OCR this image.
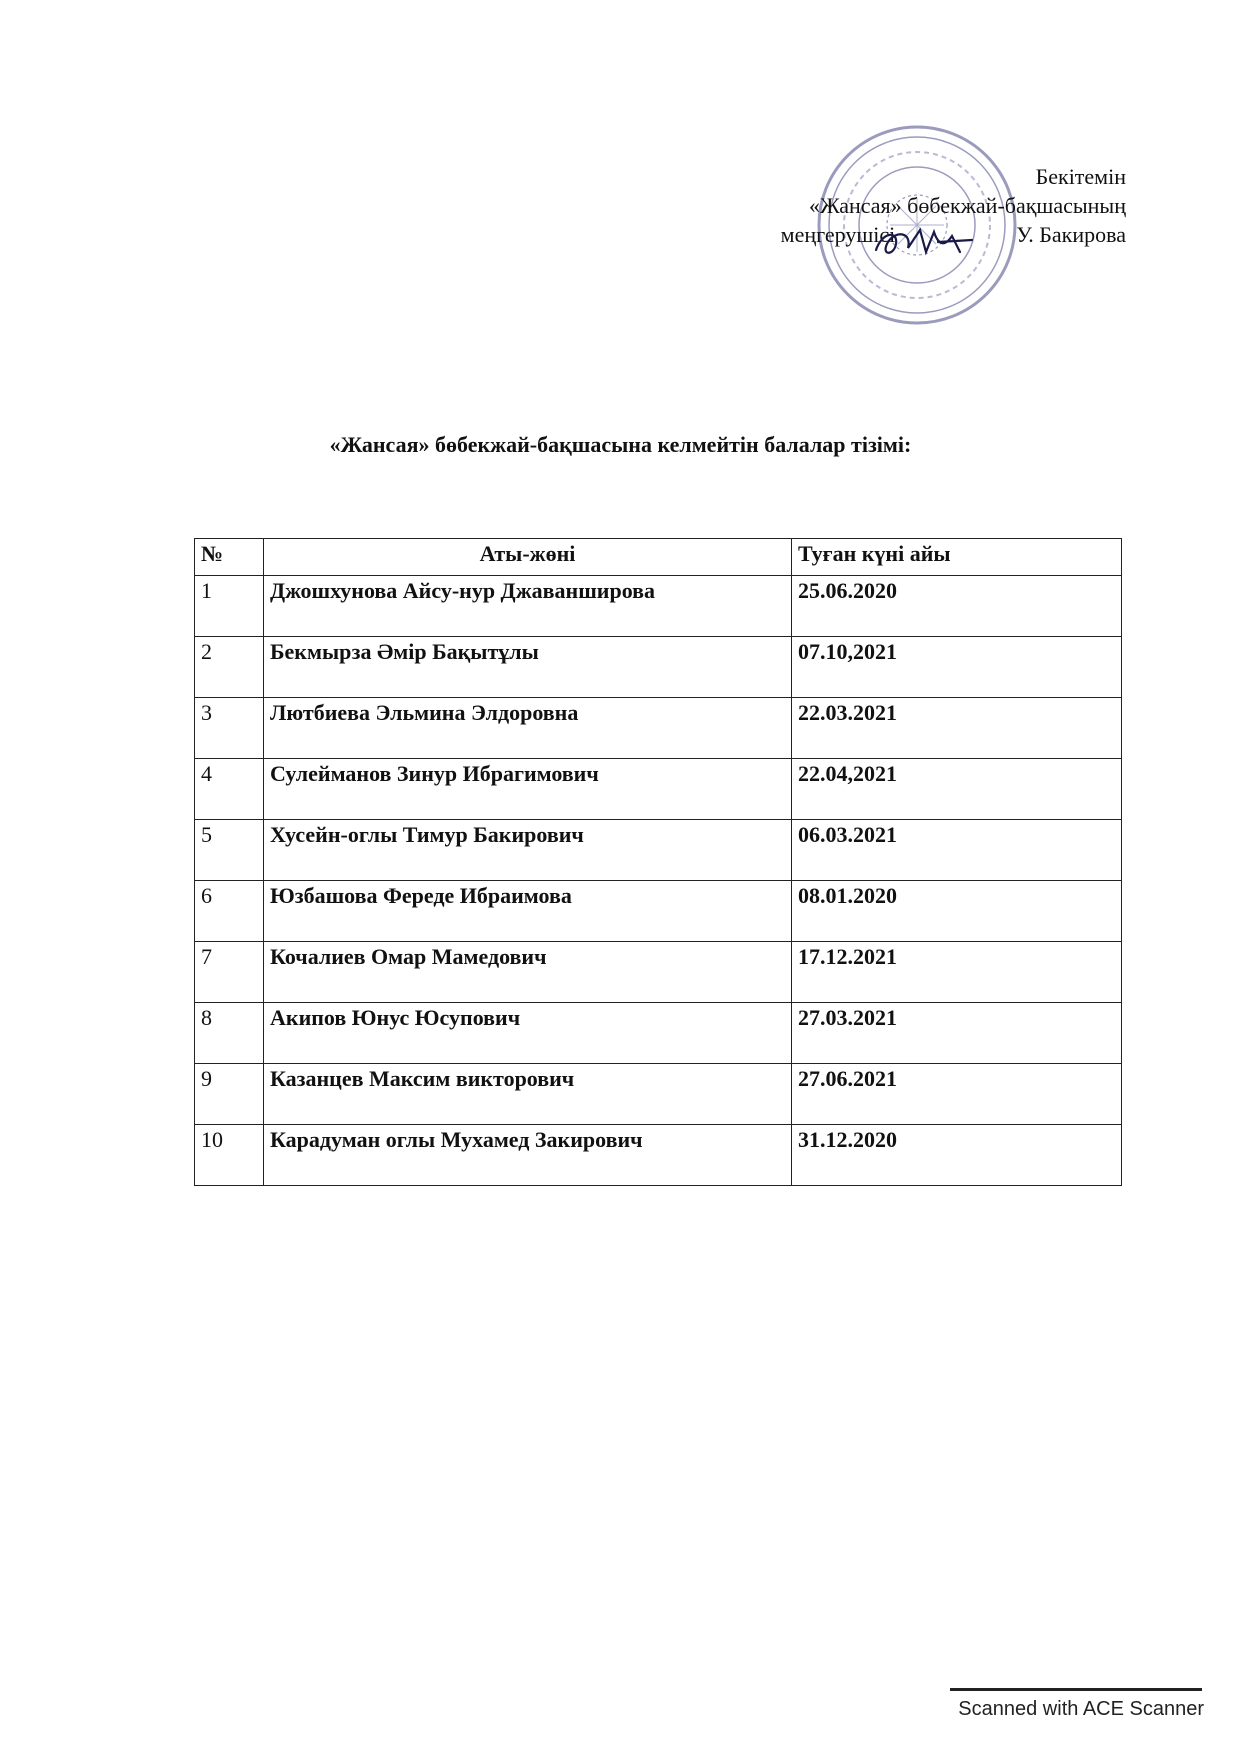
Бекітемін
«Жансая» бөбекжай-бақшасының
меңгерушісі	У. Бакирова
«Жансая» бөбекжай-бақшасына келмейтін балалар тізімі:
№	Аты-жөні	Туған күні айы
1	Джошхунова Айсу-нур Джаванширова	25.06.2020
2	Бекмырза Әмір Бақытұлы	07.10,2021
3	Лютбиева Эльмина Элдоровна	22.03.2021
4	Сулейманов Зинур Ибрагимович	22.04,2021
5	Хусейн-оглы Тимур Бакирович	06.03.2021
6	Юзбашова Фереде Ибраимова	08.01.2020
7	Кочалиев Омар Мамедович	17.12.2021
8	Акипов Юнус Юсупович	27.03.2021
9	Казанцев Максим викторович	27.06.2021
10	Карадуман оглы Мухамед Закирович	31.12.2020
Scanned with ACE Scanner
